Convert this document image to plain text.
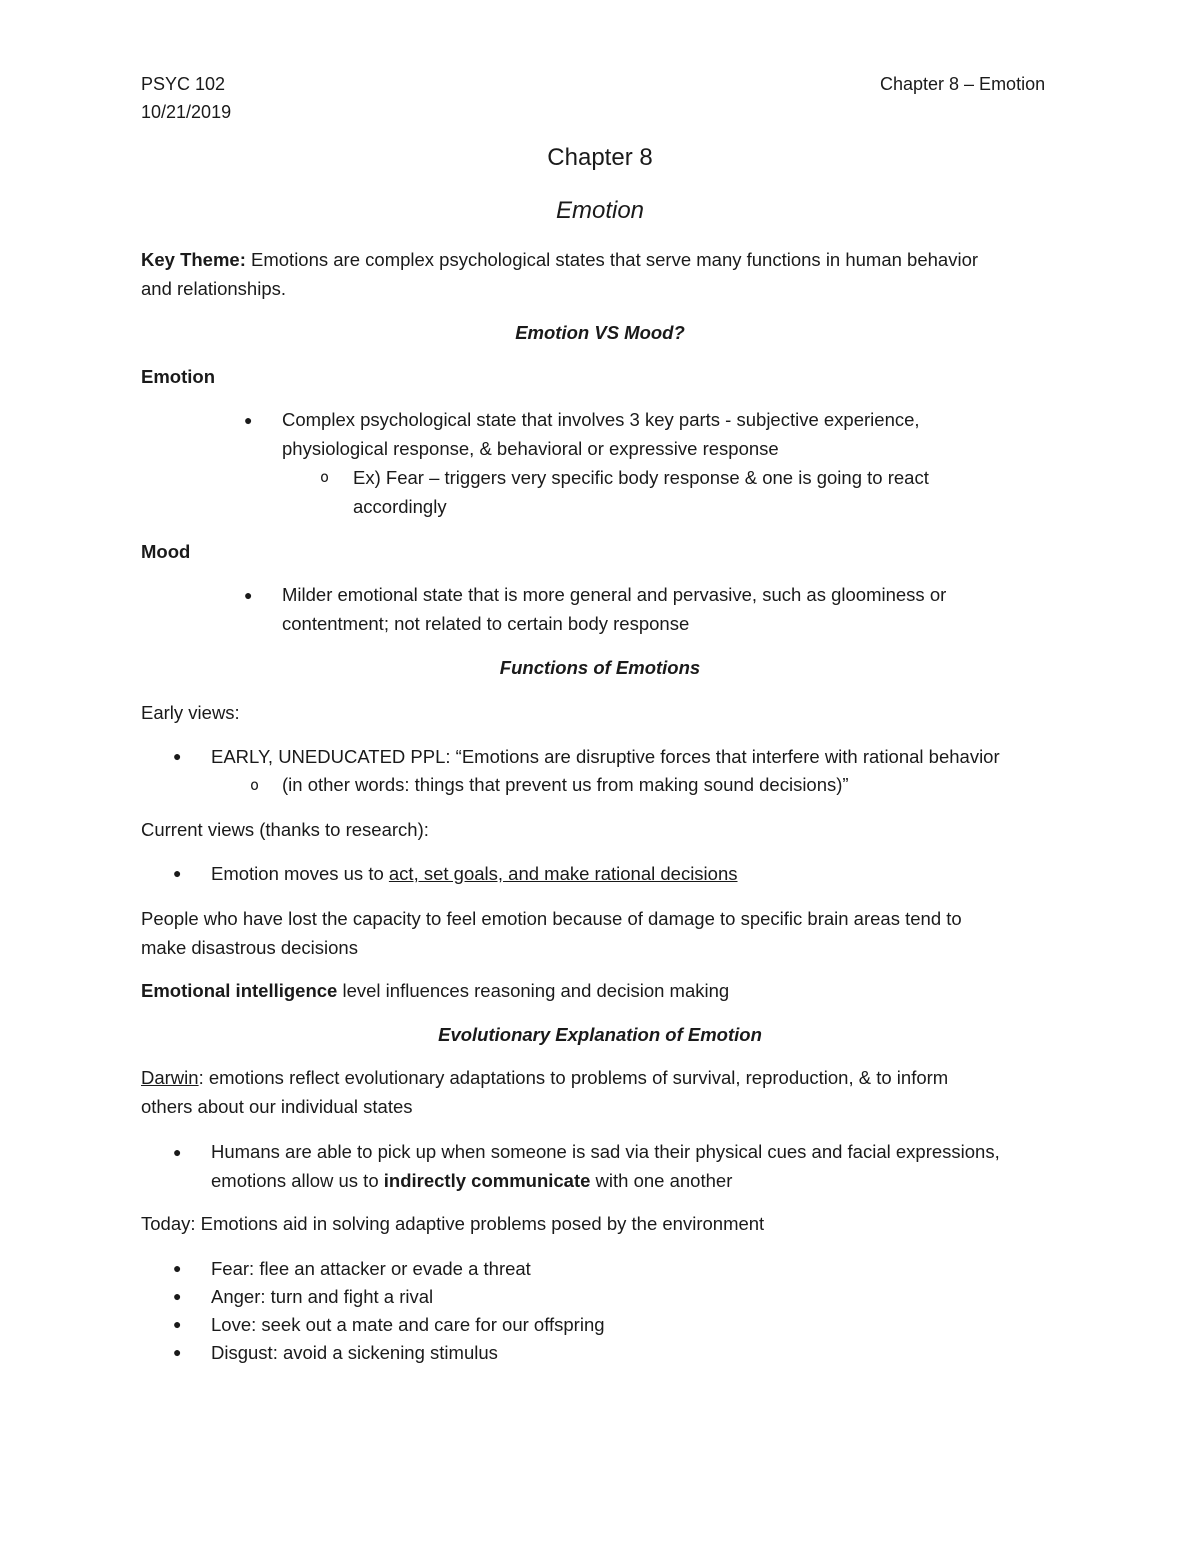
PSYC 102
10/21/2019
Chapter 8 – Emotion
Chapter 8
Emotion
Key Theme: Emotions are complex psychological states that serve many functions in human behavior
and relationships.
Emotion VS Mood?
Emotion
● Complex psychological state that involves 3 key parts - subjective experience,
physiological response, & behavioral or expressive response
o Ex) Fear – triggers very specific body response & one is going to react
accordingly
Mood
● Milder emotional state that is more general and pervasive, such as gloominess or
contentment; not related to certain body response
Functions of Emotions
Early views:
● EARLY, UNEDUCATED PPL: “Emotions are disruptive forces that interfere with rational behavior
o (in other words: things that prevent us from making sound decisions)”
Current views (thanks to research):
● Emotion moves us to act, set goals, and make rational decisions
People who have lost the capacity to feel emotion because of damage to specific brain areas tend to
make disastrous decisions
Emotional intelligence level influences reasoning and decision making
Evolutionary Explanation of Emotion
Darwin: emotions reflect evolutionary adaptations to problems of survival, reproduction, & to inform
others about our individual states
● Humans are able to pick up when someone is sad via their physical cues and facial expressions,
emotions allow us to indirectly communicate with one another
Today: Emotions aid in solving adaptive problems posed by the environment
● Fear: flee an attacker or evade a threat
● Anger: turn and fight a rival
● Love: seek out a mate and care for our offspring
● Disgust: avoid a sickening stimulus
